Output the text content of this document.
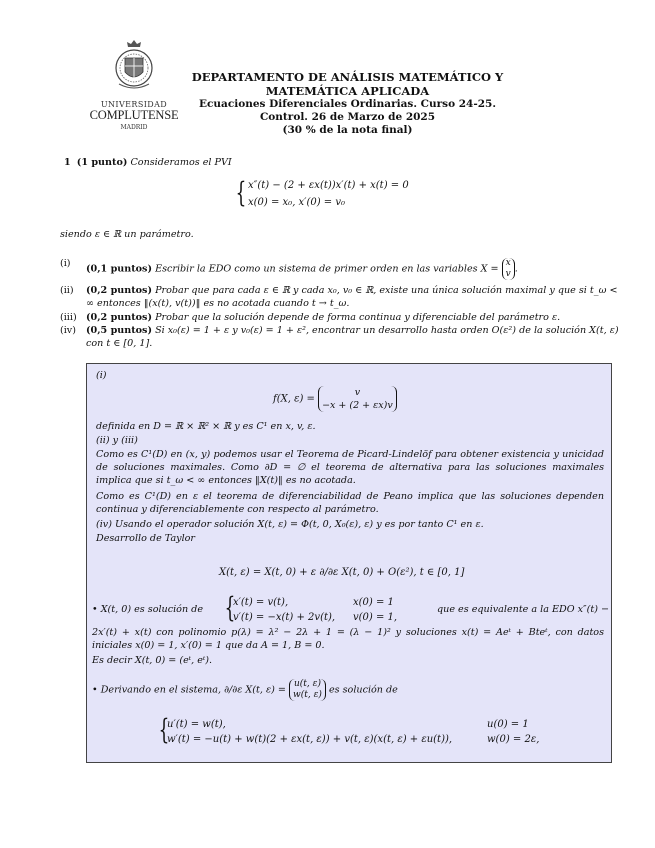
UNIVERSIDAD
COMPLUTENSE
MADRID
DEPARTAMENTO DE ANÁLISIS MATEMÁTICO Y
MATEMÁTICA APLICADA
Ecuaciones Diferenciales Ordinarias. Curso 24-25.
Control. 26 de Marzo de 2025
(30 % de la nota final)
1 (1 punto) Consideramos el PVI
{ x″(t) − (2 + εx(t))x′(t) + x(t) = 0
x(0) = x₀, x′(0) = v₀
siendo ε ∈ ℝ un parámetro.
(i) (0,1 puntos) Escribir la EDO como un sistema de primer orden en las variables X = x
v .
(ii) (0,2 puntos) Probar que para cada ε ∈ ℝ y cada x₀, v₀ ∈ ℝ, existe una única solución maximal y que si t_ω < ∞ entonces ‖(x(t), v(t))‖ es no acotada cuando t → t_ω.
(iii) (0,2 puntos) Probar que la solución depende de forma continua y diferenciable del parámetro ε.
(iv) (0,5 puntos) Si x₀(ε) = 1 + ε y v₀(ε) = 1 + ε², encontrar un desarrollo hasta orden O(ε²) de la solución X(t, ε) con t ∈ [0, 1].
(i)
f(X, ε) = v
−x + (2 + εx)v
definida en D = ℝ × ℝ² × ℝ y es C¹ en x, v, ε.
(ii) y (iii)
Como es C¹(D) en (x, y) podemos usar el Teorema de Picard-Lindelöf para obtener existencia y unicidad de soluciones maximales. Como ∂D = ∅ el teorema de alternativa para las soluciones maximales implica que si t_ω < ∞ entonces ‖X(t)‖ es no acotada.
Como es C¹(D) en ε el teorema de diferenciabilidad de Peano implica que las soluciones dependen continua y diferenciablemente con respecto al parámetro.
(iv) Usando el operador solución X(t, ε) = Φ(t, 0, X₀(ε), ε) y es por tanto C¹ en ε.
Desarrollo de Taylor
X(t, ε) = X(t, 0) + ε ∂/∂ε X(t, 0) + O(ε²), t ∈ [0, 1]
• X(t, 0) es solución de {
x′(t) = v(t),	x(0) = 1
v′(t) = −x(t) + 2v(t), v(0) = 1,
que es equivalente a la EDO x″(t) −
2x′(t) + x(t) con polinomio p(λ) = λ² − 2λ + 1 = (λ − 1)² y soluciones x(t) = Aeᵗ + Bteᵗ, con datos iniciales x(0) = 1, x′(0) = 1 que da A = 1, B = 0.
Es decir X(t, 0) = (eᵗ, eᵗ).
• Derivando en el sistema, ∂/∂ε X(t, ε) = u(t, ε)
w(t, ε) es solución de
{
u′(t) = w(t),	u(0) = 1
w′(t) = −u(t) + w(t)(2 + εx(t, ε)) + v(t, ε)(x(t, ε) + εu(t)),	w(0) = 2ε,
